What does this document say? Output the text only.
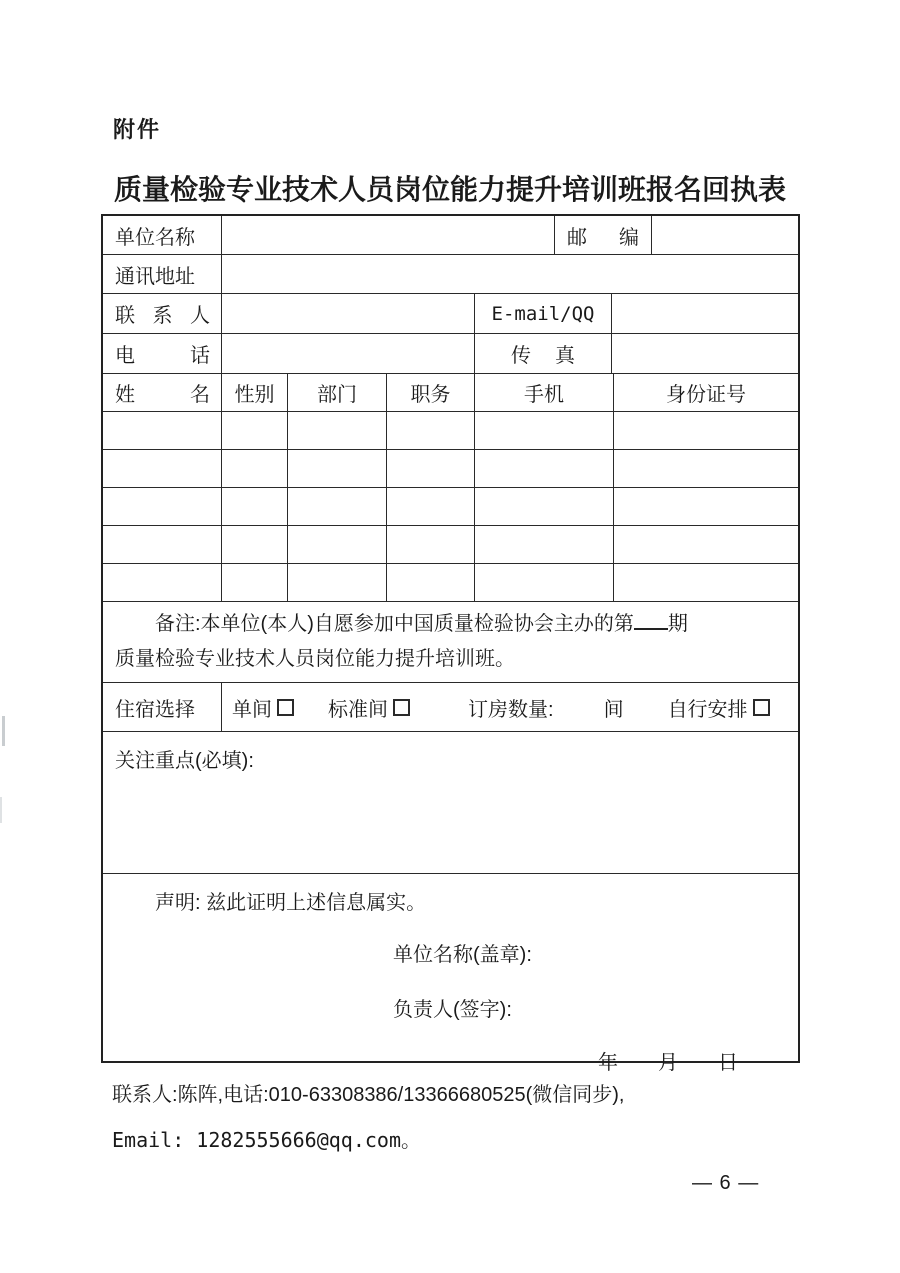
附件
质量检验专业技术人员岗位能力提升培训班报名回执表
单位名称	邮编
通讯地址
联系人	E-mail/QQ
电话	传真
姓名	性别	部门	职务	手机	身份证号
备注:本单位(本人)自愿参加中国质量检验协会主办的第 期
质量检验专业技术人员岗位能力提升培训班。
住宿选择	单间	标准间	订房数量:	间 自行安排
关注重点(必填):
声明: 兹此证明上述信息属实。
单位名称(盖章):
负责人(签字):
年　　月　　日
联系人:陈阵,电话:010-63308386/13366680525(微信同步),
Email: 1282555666@qq.com。
— 6 —
